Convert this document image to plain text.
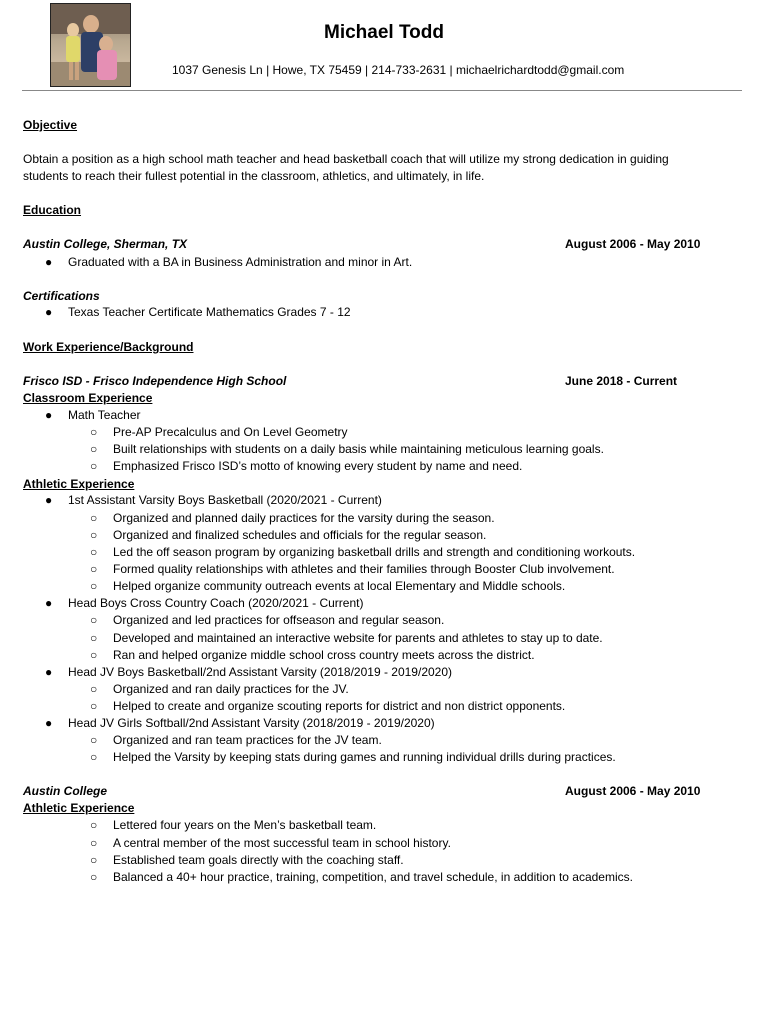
Michael Todd
1037 Genesis Ln | Howe, TX 75459 | 214-733-2631 | michaelrichardtodd@gmail.com
Objective
Obtain a position as a high school math teacher and head basketball coach that will utilize my strong dedication in guiding
students to reach their fullest potential in the classroom, athletics, and ultimately, in life.
Education
Austin College, Sherman, TX	August 2006 - May 2010
● Graduated with a BA in Business Administration and minor in Art.
Certifications
● Texas Teacher Certificate Mathematics Grades 7 - 12
Work Experience/Background
Frisco ISD - Frisco Independence High School	June 2018 - Current
Classroom Experience
● Math Teacher
○ Pre-AP Precalculus and On Level Geometry
○ Built relationships with students on a daily basis while maintaining meticulous learning goals.
○ Emphasized Frisco ISD’s motto of knowing every student by name and need.
Athletic Experience
● 1st Assistant Varsity Boys Basketball (2020/2021 - Current)
○ Organized and planned daily practices for the varsity during the season.
○ Organized and finalized schedules and officials for the regular season.
○ Led the off season program by organizing basketball drills and strength and conditioning workouts.
○ Formed quality relationships with athletes and their families through Booster Club involvement.
○ Helped organize community outreach events at local Elementary and Middle schools.
● Head Boys Cross Country Coach (2020/2021 - Current)
○ Organized and led practices for offseason and regular season.
○ Developed and maintained an interactive website for parents and athletes to stay up to date.
○ Ran and helped organize middle school cross country meets across the district.
● Head JV Boys Basketball/2nd Assistant Varsity (2018/2019 - 2019/2020)
○ Organized and ran daily practices for the JV.
○ Helped to create and organize scouting reports for district and non district opponents.
● Head JV Girls Softball/2nd Assistant Varsity (2018/2019 - 2019/2020)
○ Organized and ran team practices for the JV team.
○ Helped the Varsity by keeping stats during games and running individual drills during practices.
Austin College	August 2006 - May 2010
Athletic Experience
○ Lettered four years on the Men’s basketball team.
○ A central member of the most successful team in school history.
○ Established team goals directly with the coaching staff.
○ Balanced a 40+ hour practice, training, competition, and travel schedule, in addition to academics.
